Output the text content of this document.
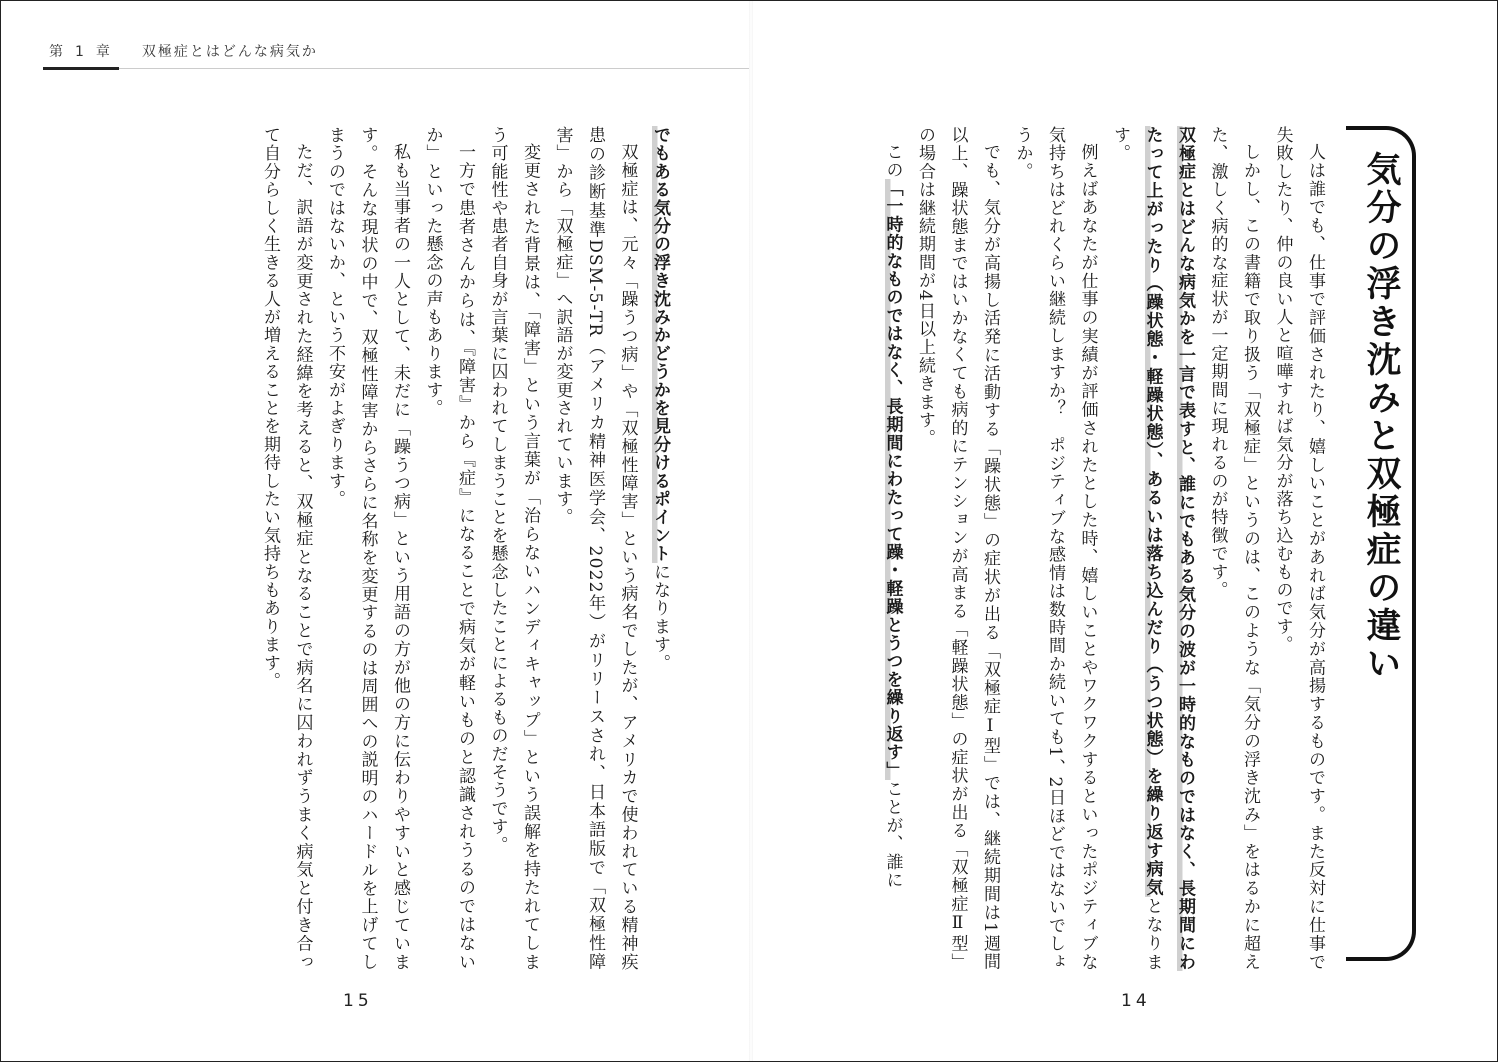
第 1 章	双極症とはどんな病気か
気分の浮き沈みと双極症の違い

人は誰でも、仕事で評価されたり、嬉しいことがあれば気分が高揚するものです。また反対に仕事で失敗したり、仲の良い人と喧嘩すれば気分が落ち込むものです。

しかし、この書籍で取り扱う「双極症」というのは、このような「気分の浮き沈み」をはるかに超えた、激しく病的な症状が一定期間に現れるのが特徴です。

双極症とはどんな病気かを一言で表すと、誰にでもある気分の波が一時的なものではなく、長期間にわたって上がったり（躁状態・軽躁状態）、あるいは落ち込んだり（うつ状態）を繰り返す病気となります。

例えばあなたが仕事の実績が評価されたとした時、嬉しいことやワクワクするといったポジティブな気持ちはどれくらい継続しますか？　ポジティブな感情は数時間か続いても1、2日ほどではないでしょうか。

でも、気分が高揚し活発に活動する「躁状態」の症状が出る「双極症Ⅰ型」では、継続期間は1週間以上、躁状態まではいかなくても病的にテンションが高まる「軽躁状態」の症状が出る「双極症Ⅱ型」の場合は継続期間が4日以上続きます。

この「一時的なものではなく、長期間にわたって躁・軽躁とうつを繰り返す」ことが、誰に

でもある気分の浮き沈みかどうかを見分けるポイントになります。

双極症は、元々「躁うつ病」や「双極性障害」という病名でしたが、アメリカで使われている精神疾患の診断基準DSM-5-TR（アメリカ精神医学会、2022年）がリリースされ、日本語版で「双極性障害」から「双極症」へ訳語が変更されています。

変更された背景は、「障害」という言葉が「治らないハンディキャップ」という誤解を持たれてしまう可能性や患者自身が言葉に囚われてしまうことを懸念したことによるものだそうです。

一方で患者さんからは、『障害』から『症』になることで病気が軽いものと認識されうるのではないか」といった懸念の声もあります。

私も当事者の一人として、未だに「躁うつ病」という用語の方が他の方に伝わりやすいと感じています。そんな現状の中で、双極性障害からさらに名称を変更するのは周囲への説明のハードルを上げてしまうのではないか、という不安がよぎります。

ただ、訳語が変更された経緯を考えると、双極症となることで病名に囚われずうまく病気と付き合って自分らしく生きる人が増えることを期待したい気持ちもあります。

15	14
